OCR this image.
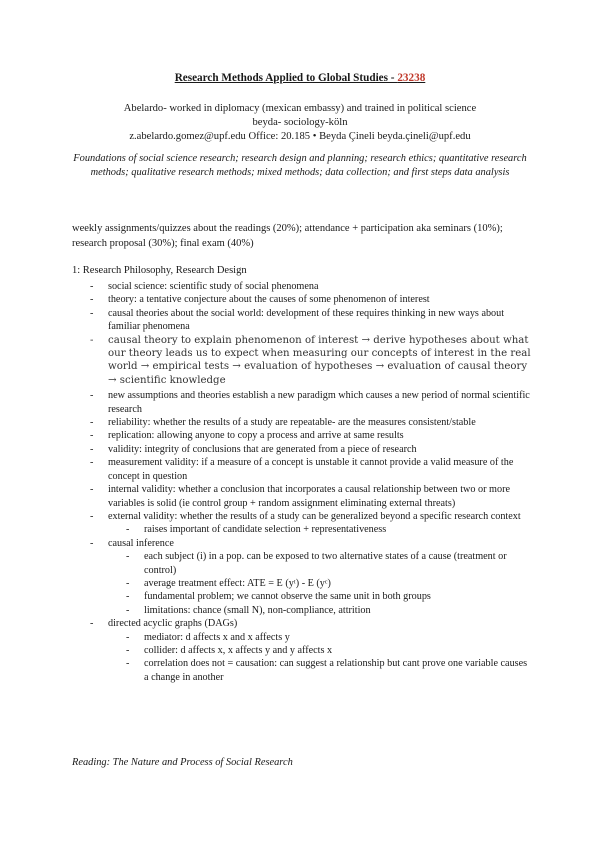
Research Methods Applied to Global Studies - 23238
Abelardo- worked in diplomacy (mexican embassy) and trained in political science
beyda- sociology-köln
z.abelardo.gomez@upf.edu Office: 20.185 • Beyda Çineli beyda.çineli@upf.edu
Foundations of social science research; research design and planning; research ethics; quantitative research methods; qualitative research methods; mixed methods; data collection; and first steps data analysis
weekly assignments/quizzes about the readings (20%); attendance + participation aka seminars (10%); research proposal (30%); final exam (40%)
1: Research Philosophy, Research Design
- social science: scientific study of social phenomena
- theory: a tentative conjecture about the causes of some phenomenon of interest
- causal theories about the social world: development of these requires thinking in new ways about familiar phenomena
- causal theory to explain phenomenon of interest → derive hypotheses about what our theory leads us to expect when measuring our concepts of interest in the real world → empirical tests → evaluation of hypotheses → evaluation of causal theory → scientific knowledge
- new assumptions and theories establish a new paradigm which causes a new period of normal scientific research
- reliability: whether the results of a study are repeatable- are the measures consistent/stable
- replication: allowing anyone to copy a process and arrive at same results
- validity: integrity of conclusions that are generated from a piece of research
- measurement validity: if a measure of a concept is unstable it cannot provide a valid measure of the concept in question
- internal validity: whether a conclusion that incorporates a causal relationship between two or more variables is solid (ie control group + random assignment eliminating external threats)
- external validity: whether the results of a study can be generalized beyond a specific research context
- raises important of candidate selection + representativeness
- causal inference
- each subject (i) in a pop. can be exposed to two alternative states of a cause (treatment or control)
- average treatment effect: ATE = E (yᵗ) - E (yᶜ)
- fundamental problem; we cannot observe the same unit in both groups
- limitations: chance (small N), non-compliance, attrition
- directed acyclic graphs (DAGs)
- mediator: d affects x and x affects y
- collider: d affects x, x affects y and y affects x
- correlation does not = causation: can suggest a relationship but cant prove one variable causes a change in another
Reading: The Nature and Process of Social Research
